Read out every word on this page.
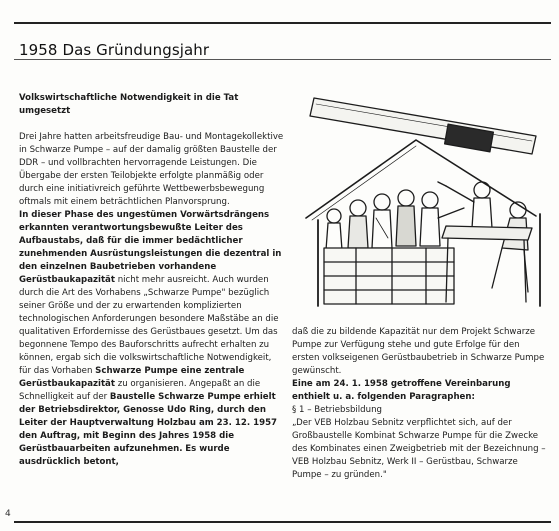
1958 Das Gründungsjahr

Volkswirtschaftliche Notwendigkeit in die Tat umgesetzt

Drei Jahre hatten arbeitsfreudige Bau- und Montagekollektive in Schwarze Pumpe – auf der damalig größten Baustelle der DDR – und vollbrachten hervorragende Leistungen. Die Übergabe der ersten Teilobjekte erfolgte planmäßig oder durch eine initiativreich geführte Wettbewerbsbewegung oftmals mit einem beträchtlichen Planvorsprung.

In dieser Phase des ungestümen Vorwärtsdrängens erkannten verantwortungsbewußte Leiter des Aufbaustabs, daß für die immer bedächtlicher zunehmenden Ausrüstungsleistungen die dezentral in den einzelnen Baubetrieben vorhandene Gerüstbaukapazität nicht mehr ausreicht. Auch wurden durch die Art des Vorhabens „Schwarze Pumpe" bezüglich seiner Größe und der zu erwartenden komplizierten technologischen Anforderungen besondere Maßstäbe an die qualitativen Erfordernisse des Gerüstbaues gesetzt. Um das begonnene Tempo des Bauforschritts aufrecht erhalten zu können, ergab sich die volkswirtschaftliche Notwendigkeit, für das Vorhaben Schwarze Pumpe eine zentrale Gerüstbaukapazität zu organisieren. Angepaßt an die Schnelligkeit auf der Baustelle Schwarze Pumpe erhielt der Betriebsdirektor, Genosse Udo Ring, durch den Leiter der Hauptverwaltung Holzbau am 23. 12. 1957 den Auftrag, mit Beginn des Jahres 1958 die Gerüstbauarbeiten aufzunehmen. Es wurde ausdrücklich betont,

daß die zu bildende Kapazität nur dem Projekt Schwarze Pumpe zur Verfügung stehe und gute Erfolge für den ersten volkseigenen Gerüstbaubetrieb in Schwarze Pumpe gewünscht.

Eine am 24. 1. 1958 getroffene Vereinbarung enthielt u. a. folgenden Paragraphen:

§ 1 – Betriebsbildung

„Der VEB Holzbau Sebnitz verpflichtet sich, auf der Großbaustelle Kombinat Schwarze Pumpe für die Zwecke des Kombinates einen Zweigbetrieb mit der Bezeichnung – VEB Holzbau Sebnitz, Werk II – Gerüstbau, Schwarze Pumpe – zu gründen."

4
